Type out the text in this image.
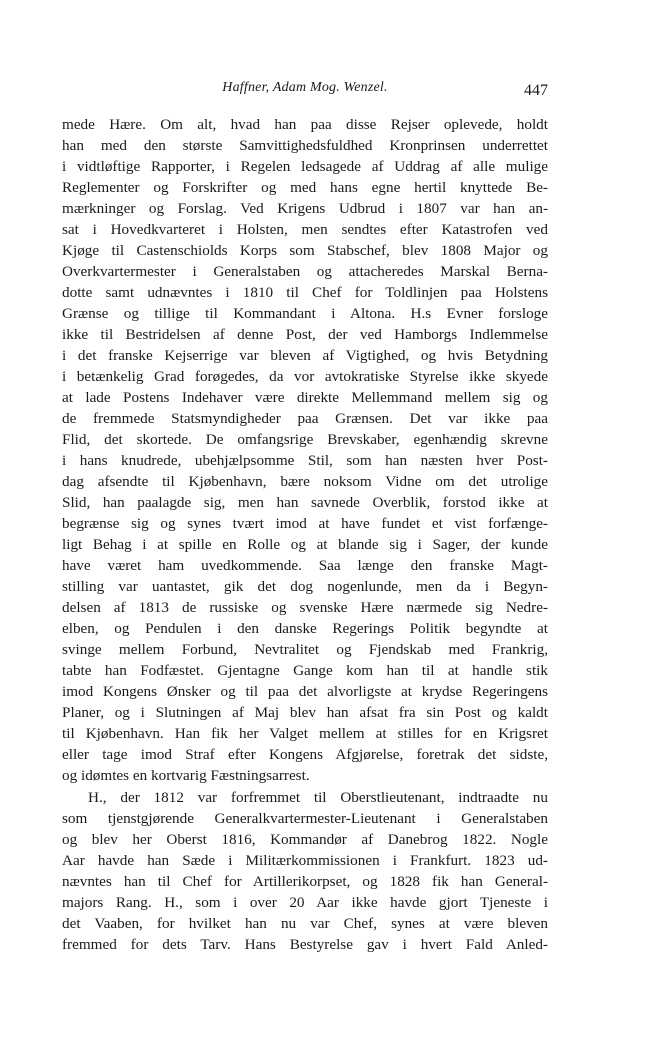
Haffner, Adam Mog. Wenzel.	447
mede Hære. Om alt, hvad han paa disse Rejser oplevede, holdt
han med den største Samvittighedsfuldhed Kronprinsen underrettet
i vidtløftige Rapporter, i Regelen ledsagede af Uddrag af alle mulige
Reglementer og Forskrifter og med hans egne hertil knyttede Be-
mærkninger og Forslag. Ved Krigens Udbrud i 1807 var han an-
sat i Hovedkvarteret i Holsten, men sendtes efter Katastrofen ved
Kjøge til Castenschiolds Korps som Stabschef, blev 1808 Major og
Overkvartermester i Generalstaben og attacheredes Marskal Berna-
dotte samt udnævntes i 1810 til Chef for Toldlinjen paa Holstens
Grænse og tillige til Kommandant i Altona. H.s Evner forsloge
ikke til Bestridelsen af denne Post, der ved Hamborgs Indlemmelse
i det franske Kejserrige var bleven af Vigtighed, og hvis Betydning
i betænkelig Grad forøgedes, da vor avtokratiske Styrelse ikke skyede
at lade Postens Indehaver være direkte Mellemmand mellem sig og
de fremmede Statsmyndigheder paa Grænsen. Det var ikke paa
Flid, det skortede. De omfangsrige Brevskaber, egenhændig skrevne
i hans knudrede, ubehjælpsomme Stil, som han næsten hver Post-
dag afsendte til Kjøbenhavn, bære noksom Vidne om det utrolige
Slid, han paalagde sig, men han savnede Overblik, forstod ikke at
begrænse sig og synes tvært imod at have fundet et vist forfænge-
ligt Behag i at spille en Rolle og at blande sig i Sager, der kunde
have været ham uvedkommende. Saa længe den franske Magt-
stilling var uantastet, gik det dog nogenlunde, men da i Begyn-
delsen af 1813 de russiske og svenske Hære nærmede sig Nedre-
elben, og Pendulen i den danske Regerings Politik begyndte at
svinge mellem Forbund, Nevtralitet og Fjendskab med Frankrig,
tabte han Fodfæstet. Gjentagne Gange kom han til at handle stik
imod Kongens Ønsker og til paa det alvorligste at krydse Regeringens
Planer, og i Slutningen af Maj blev han afsat fra sin Post og kaldt
til Kjøbenhavn. Han fik her Valget mellem at stilles for en Krigsret
eller tage imod Straf efter Kongens Afgjørelse, foretrak det sidste,
og idømtes en kortvarig Fæstningsarrest.
H., der 1812 var forfremmet til Oberstlieutenant, indtraadte nu
som tjenstgjørende Generalkvartermester-Lieutenant i Generalstaben
og blev her Oberst 1816, Kommandør af Danebrog 1822. Nogle
Aar havde han Sæde i Militærkommissionen i Frankfurt. 1823 ud-
nævntes han til Chef for Artillerikorpset, og 1828 fik han General-
majors Rang. H., som i over 20 Aar ikke havde gjort Tjeneste i
det Vaaben, for hvilket han nu var Chef, synes at være bleven
fremmed for dets Tarv. Hans Bestyrelse gav i hvert Fald Anled-
